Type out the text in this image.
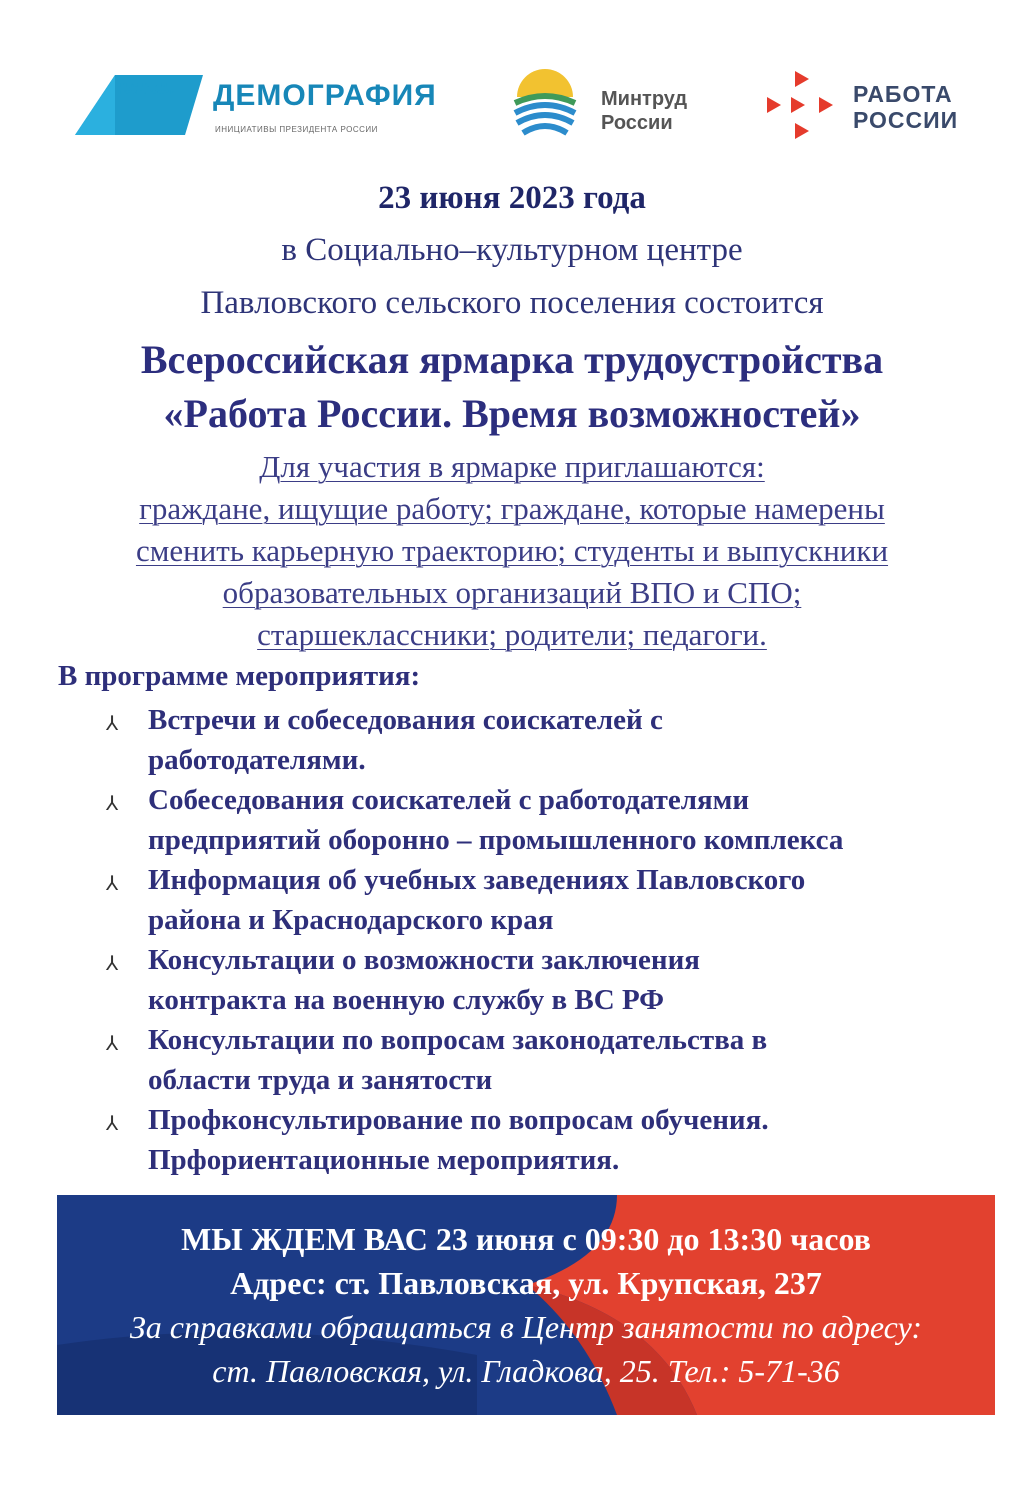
НАЦИОНАЛЬНЫЕ ПРОЕКТЫ РОССИИ ДЕМОГРАФИЯ
ИНИЦИАТИВЫ ПРЕЗИДЕНТА РОССИИ
Минтруд
России
РАБОТА
РОССИИ
23 июня 2023 года
в Социально–культурном центре
Павловского сельского поселения состоится
Всероссийская ярмарка трудоустройства
«Работа России. Время возможностей»
Для участия в ярмарке приглашаются:
граждане, ищущие работу; граждане, которые намерены
сменить карьерную траекторию; студенты и выпускники
образовательных организаций ВПО и СПО;
старшеклассники; родители; педагоги.
В программе мероприятия:
⅄ Встречи и собеседования соискателей с
работодателями.
⅄ Собеседования соискателей с работодателями
предприятий оборонно – промышленного комплекса
⅄ Информация об учебных заведениях Павловского
района и Краснодарского края
⅄ Консультации о возможности заключения
контракта на военную службу в ВС РФ
⅄ Консультации по вопросам законодательства в
области труда и занятости
⅄ Профконсультирование по вопросам обучения.
Прфориентационные мероприятия.
МЫ ЖДЕМ ВАС 23 июня с 09:30 до 13:30 часов
Адрес: ст. Павловская, ул. Крупская, 237
За справками обращаться в Центр занятости по адресу:
ст. Павловская, ул. Гладкова, 25. Тел.: 5-71-36
